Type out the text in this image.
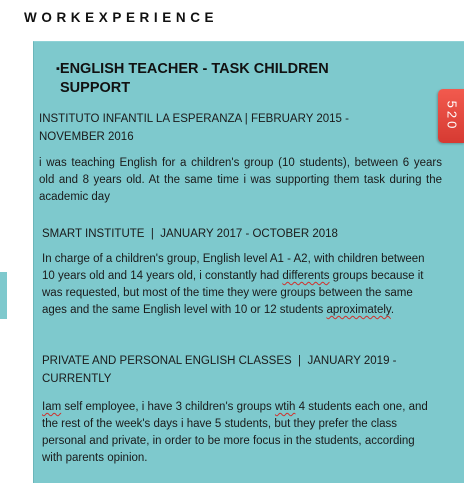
WORKEXPERIENCE
520
▪ENGLISH TEACHER - TASK CHILDREN SUPPORT
INSTITUTO INFANTIL LA ESPERANZA | FEBRUARY 2015 - NOVEMBER 2016
i was teaching English for a children's group (10 students), between 6 years old and 8 years old. At the same time i was supporting them task during the academic day
SMART INSTITUTE  |  JANUARY 2017 - OCTOBER 2018
In charge of a children's group, English level A1 - A2, with children between 10 years old and 14 years old, i constantly had differents groups because it was requested, but most of the time they were groups between the same ages and the same English level with 10 or 12 students aproximately.
PRIVATE AND PERSONAL ENGLISH CLASSES  |  JANUARY 2019 - CURRENTLY
Iam self employee, i have 3 children's groups wtih 4 students each one, and the rest of the week's days i have 5 students, but they prefer the class personal and private, in order to be more focus in the students, according with parents opinion.
